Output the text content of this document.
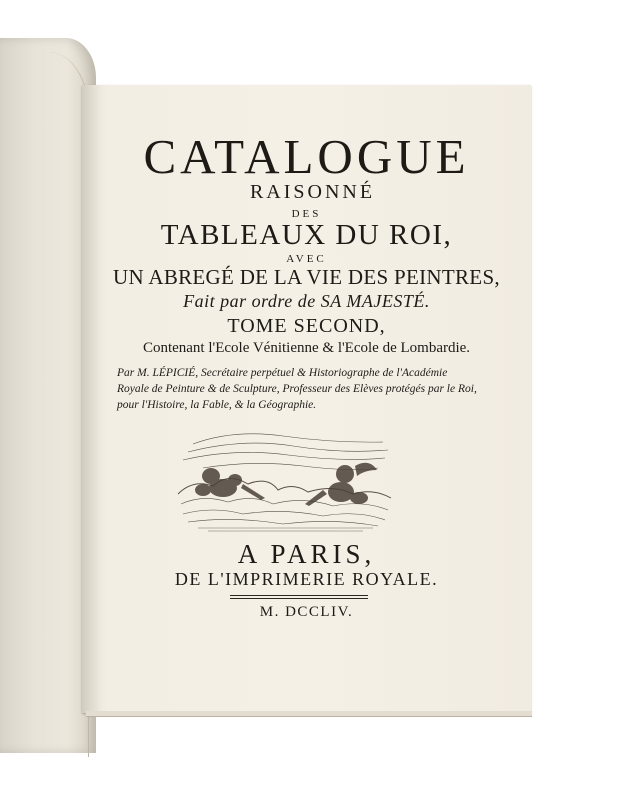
CATALOGUE
RAISONNÉ
DES
TABLEAUX DU ROI,
AVEC
UN ABREGÉ DE LA VIE DES PEINTRES,
Fait par ordre de SA MAJESTÉ.
TOME SECOND,
Contenant l'Ecole Vénitienne & l'Ecole de Lombardie.
Par M. LÉPICIÉ, Secrétaire perpétuel & Historiographe de l'Académie
Royale de Peinture & de Sculpture, Professeur des Elèves protégés par le Roi,
pour l'Histoire, la Fable, & la Géographie.
A PARIS,
DE L'IMPRIMERIE ROYALE.
M. DCCLIV.
